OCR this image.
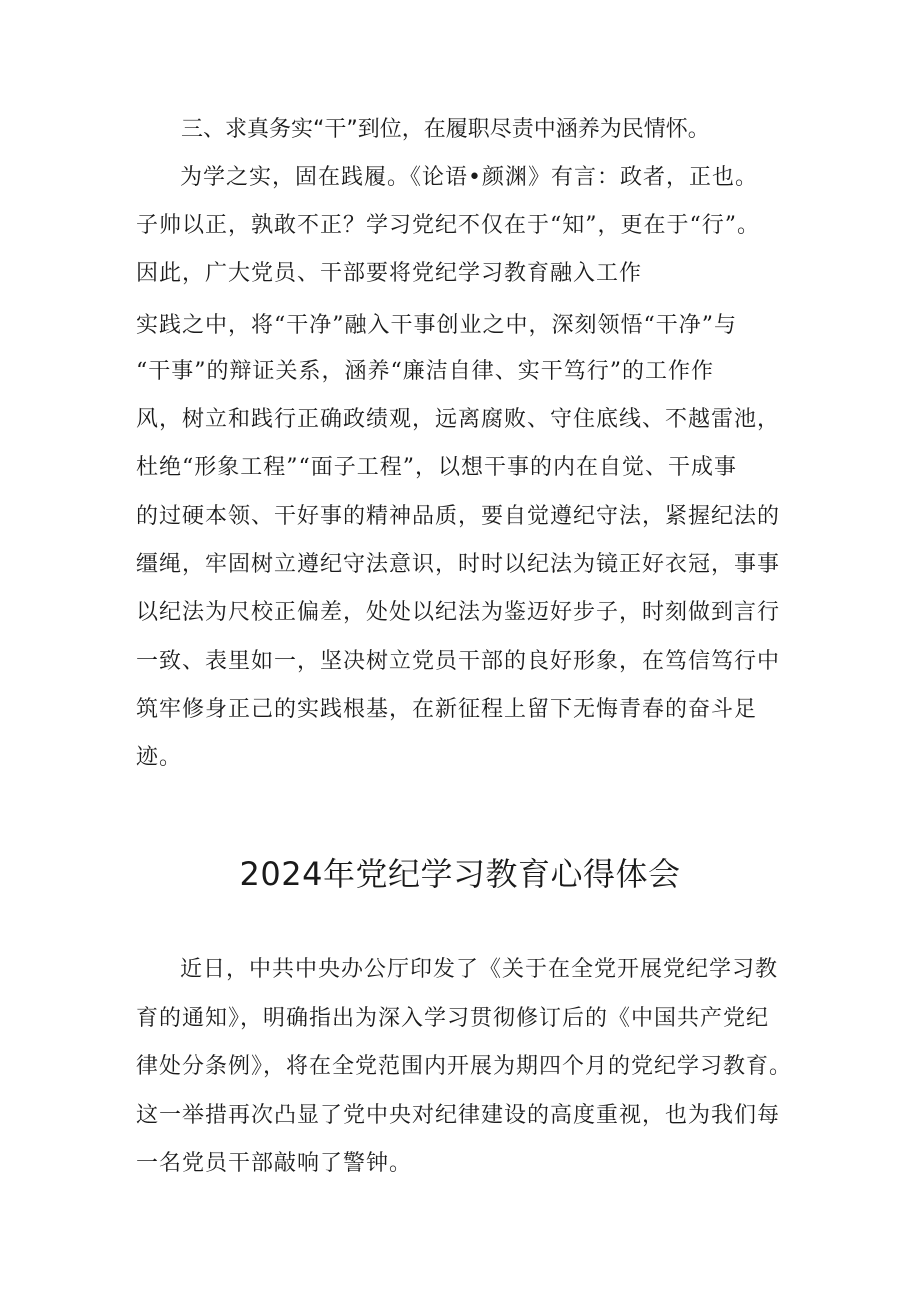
三、求真务实“干”到位，在履职尽责中涵养为民情怀。
为学之实，固在践履。《论语•颜渊》有言：政者，正也。
子帅以正，孰敢不正？学习党纪不仅在于“知”，更在于“行”。
因此，广大党员、干部要将党纪学习教育融入工作
实践之中，将“干净”融入干事创业之中，深刻领悟“干净”与
“干事”的辩证关系，涵养“廉洁自律、实干笃行”的工作作
风，树立和践行正确政绩观，远离腐败、守住底线、不越雷池，
杜绝“形象工程”“面子工程”，以想干事的内在自觉、干成事
的过硬本领、干好事的精神品质，要自觉遵纪守法，紧握纪法的
缰绳，牢固树立遵纪守法意识，时时以纪法为镜正好衣冠，事事
以纪法为尺校正偏差，处处以纪法为鉴迈好步子，时刻做到言行
一致、表里如一，坚决树立党员干部的良好形象，在笃信笃行中
筑牢修身正己的实践根基，在新征程上留下无悔青春的奋斗足
迹。
2024年党纪学习教育心得体会
近日，中共中央办公厅印发了《关于在全党开展党纪学习教
育的通知》，明确指出为深入学习贯彻修订后的《中国共产党纪
律处分条例》，将在全党范围内开展为期四个月的党纪学习教育。
这一举措再次凸显了党中央对纪律建设的高度重视，也为我们每
一名党员干部敲响了警钟。
